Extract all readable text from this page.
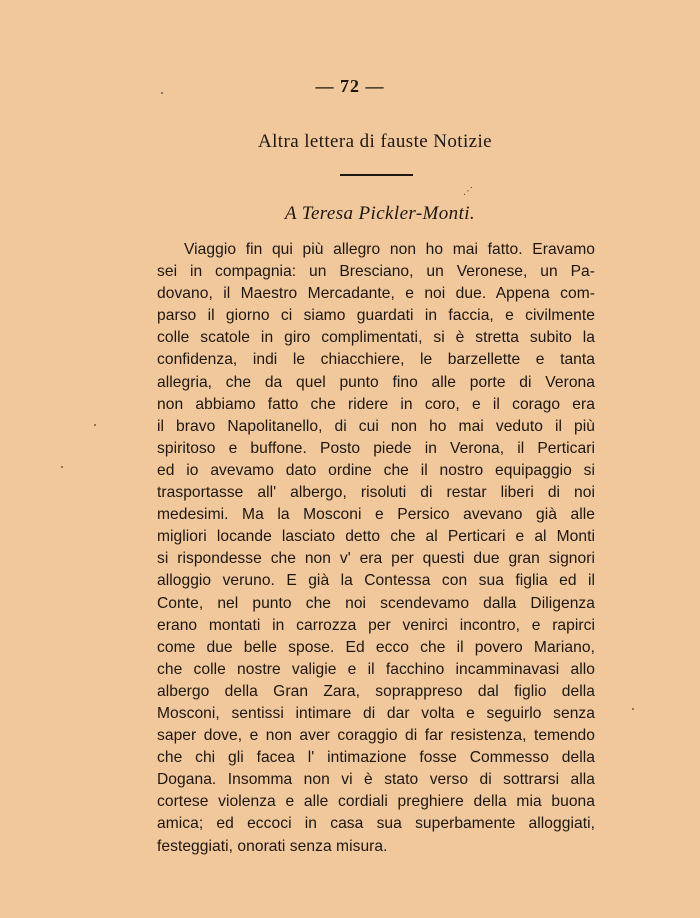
— 72 —
Altra lettera di fauste Notizie
⋰
A Teresa Pickler-Monti.
Viaggio fin qui più allegro non ho mai fatto. Eravamo
sei in compagnia: un Bresciano, un Veronese, un Pa-
dovano, il Maestro Mercadante, e noi due. Appena com-
parso il giorno ci siamo guardati in faccia, e civilmente
colle scatole in giro complimentati, si è stretta subito la
confidenza, indi le chiacchiere, le barzellette e tanta
allegria, che da quel punto fino alle porte di Verona
non abbiamo fatto che ridere in coro, e il corago era
il bravo Napolitanello, di cui non ho mai veduto il più
spiritoso e buffone. Posto piede in Verona, il Perticari
ed io avevamo dato ordine che il nostro equipaggio si
trasportasse all' albergo, risoluti di restar liberi di noi
medesimi. Ma la Mosconi e Persico avevano già alle
migliori locande lasciato detto che al Perticari e al Monti
si rispondesse che non v' era per questi due gran signori
alloggio veruno. E già la Contessa con sua figlia ed il
Conte, nel punto che noi scendevamo dalla Diligenza
erano montati in carrozza per venirci incontro, e rapirci
come due belle spose. Ed ecco che il povero Mariano,
che colle nostre valigie e il facchino incamminavasi allo
albergo della Gran Zara, soprappreso dal figlio della
Mosconi, sentissi intimare di dar volta e seguirlo senza
saper dove, e non aver coraggio di far resistenza, temendo
che chi gli facea l' intimazione fosse Commesso della
Dogana. Insomma non vi è stato verso di sottrarsi alla
cortese violenza e alle cordiali preghiere della mia buona
amica; ed eccoci in casa sua superbamente alloggiati,
festeggiati, onorati senza misura.
